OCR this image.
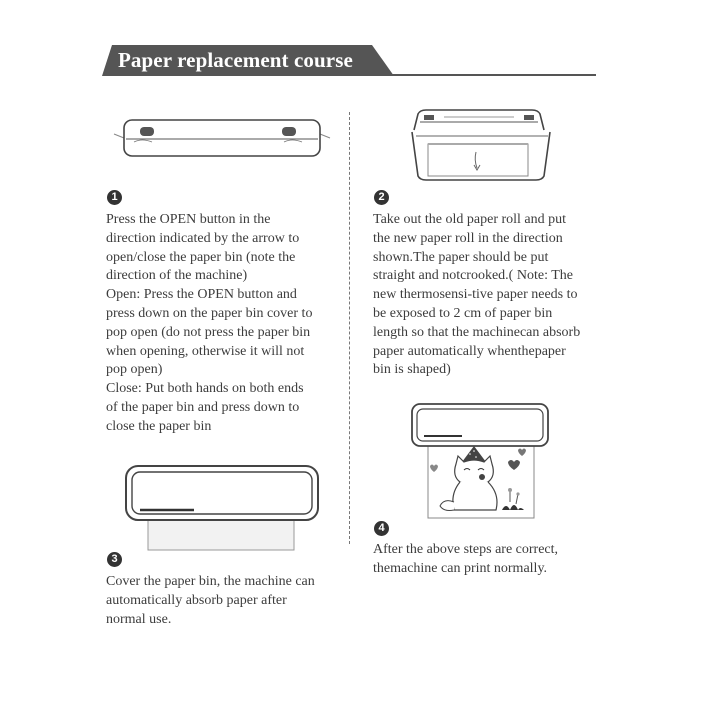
Paper replacement course
1
Press the OPEN button in the
direction indicated by the arrow to
open/close the paper bin (note the
direction of the machine)
Open: Press the OPEN button and
press down on the paper bin cover to
pop open (do not press the paper bin
when opening, otherwise it will not
pop open)
Close: Put both hands on both ends
of the paper bin and press down to
close the paper bin
2
Take out the old paper roll and put
the new paper roll in the direction
shown.The paper should be put
straight and notcrooked.( Note: The
new thermosensi-tive paper needs to
be exposed to 2 cm of paper bin
length so that the machinecan absorb
paper automatically whenthepaper
bin is shaped)
3
Cover the paper bin, the machine can
automatically absorb paper after
normal use.
4
After the above steps are correct,
themachine can print normally.
